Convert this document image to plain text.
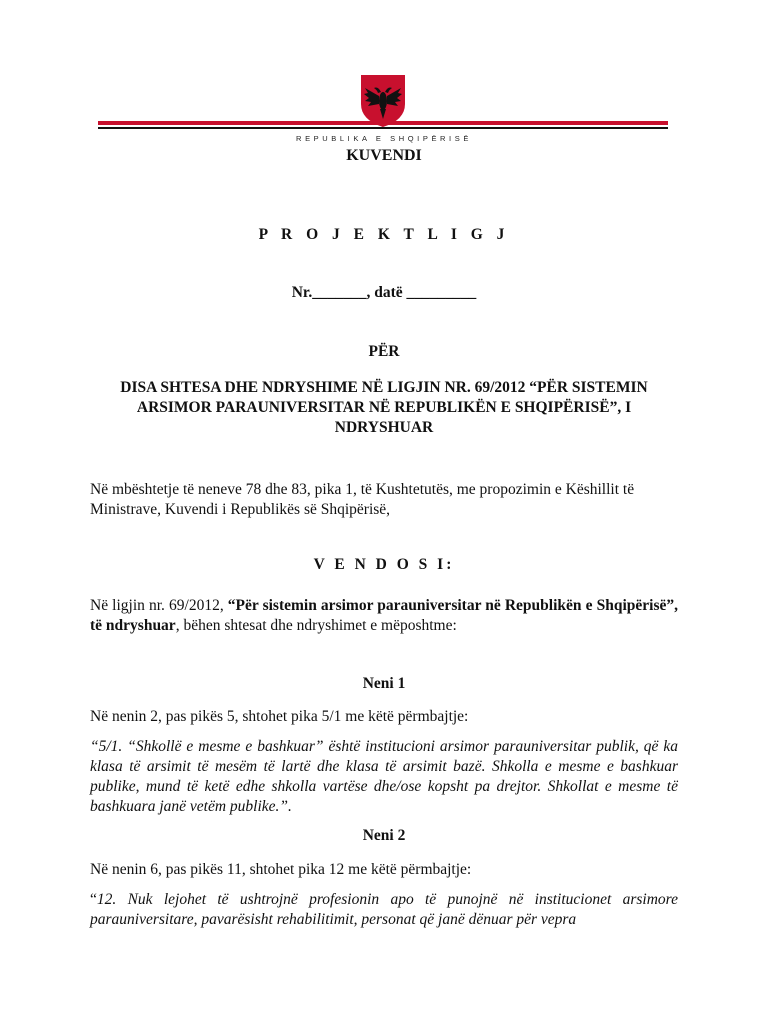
REPUBLIKA E SHQIPËRISË
KUVENDI
P R O J E K T L I G J
Nr._______, datë _________
PËR
DISA SHTESA DHE NDRYSHIME NË LIGJIN NR. 69/2012 “PËR SISTEMIN ARSIMOR PARAUNIVERSITAR NË REPUBLIKËN E SHQIPËRISË”, I NDRYSHUAR
Në mbështetje të neneve 78 dhe 83, pika 1, të Kushtetutës, me propozimin e Këshillit të Ministrave, Kuvendi i Republikës së Shqipërisë,
V E N D O S I:
Në ligjin nr. 69/2012, “Për sistemin arsimor parauniversitar në Republikën e Shqipërisë”, të ndryshuar, bëhen shtesat dhe ndryshimet e mëposhtme:
Neni 1
Në nenin 2, pas pikës 5, shtohet pika 5/1 me këtë përmbajtje:
“5/1. “Shkollë e mesme e bashkuar” është institucioni arsimor parauniversitar publik, që ka klasa të arsimit të mesëm të lartë dhe klasa të arsimit bazë. Shkolla e mesme e bashkuar publike, mund të ketë edhe shkolla vartëse dhe/ose kopsht pa drejtor. Shkollat e mesme të bashkuara janë vetëm publike.”.
Neni 2
Në nenin 6, pas pikës 11, shtohet pika 12 me këtë përmbajtje:
“12. Nuk lejohet të ushtrojnë profesionin apo të punojnë në institucionet arsimore parauniversitare, pavarësisht rehabilitimit, personat që janë dënuar për vepra
